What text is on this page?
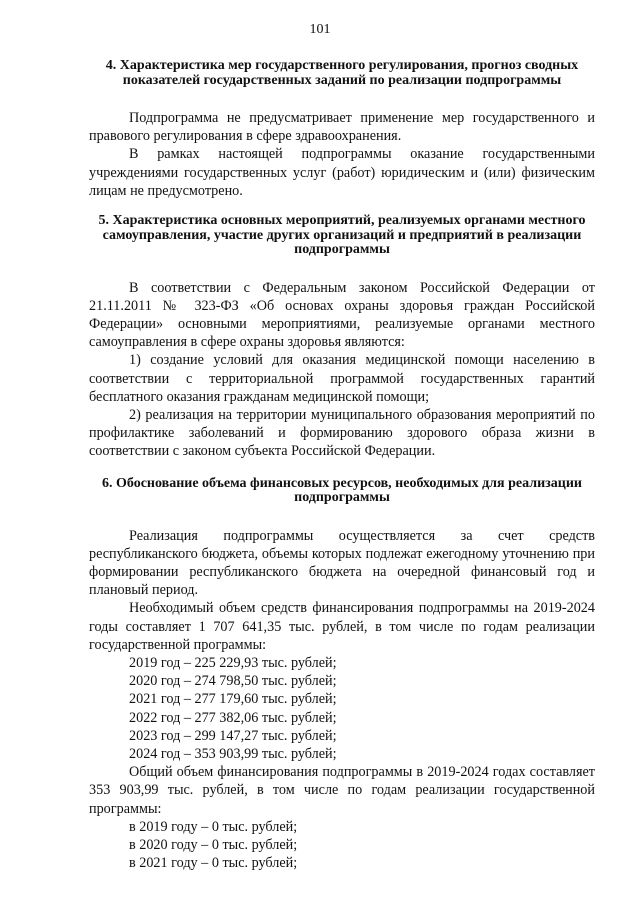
101
4. Характеристика мер государственного регулирования, прогноз сводных показателей государственных заданий по реализации подпрограммы

Подпрограмма не предусматривает применение мер государственного и правового регулирования в сфере здравоохранения.

В рамках настоящей подпрограммы оказание государственными учреждениями государственных услуг (работ) юридическим и (или) физическим лицам не предусмотрено.

5. Характеристика основных мероприятий, реализуемых органами местного самоуправления, участие других организаций и предприятий в реализации подпрограммы

В соответствии с Федеральным законом Российской Федерации от 21.11.2011 № 323-ФЗ «Об основах охраны здоровья граждан Российской Федерации» основными мероприятиями, реализуемые органами местного самоуправления в сфере охраны здоровья являются:

1) создание условий для оказания медицинской помощи населению в соответствии с территориальной программой государственных гарантий бесплатного оказания гражданам медицинской помощи;

2) реализация на территории муниципального образования мероприятий по профилактике заболеваний и формированию здорового образа жизни в соответствии с законом субъекта Российской Федерации.

6. Обоснование объема финансовых ресурсов, необходимых для реализации подпрограммы

Реализация подпрограммы осуществляется за счет средств республиканского бюджета, объемы которых подлежат ежегодному уточнению при формировании республиканского бюджета на очередной финансовый год и плановый период.

Необходимый объем средств финансирования подпрограммы на 2019-2024 годы составляет 1 707 641,35 тыс. рублей, в том числе по годам реализации государственной программы:

2019 год – 225 229,93 тыс. рублей;

2020 год – 274 798,50 тыс. рублей;

2021 год – 277 179,60 тыс. рублей;

2022 год – 277 382,06 тыс. рублей;

2023 год – 299 147,27 тыс. рублей;

2024 год – 353 903,99 тыс. рублей;

Общий объем финансирования подпрограммы в 2019-2024 годах составляет 353 903,99 тыс. рублей, в том числе по годам реализации государственной программы:

в 2019 году – 0 тыс. рублей;

в 2020 году – 0 тыс. рублей;

в 2021 году – 0 тыс. рублей;
